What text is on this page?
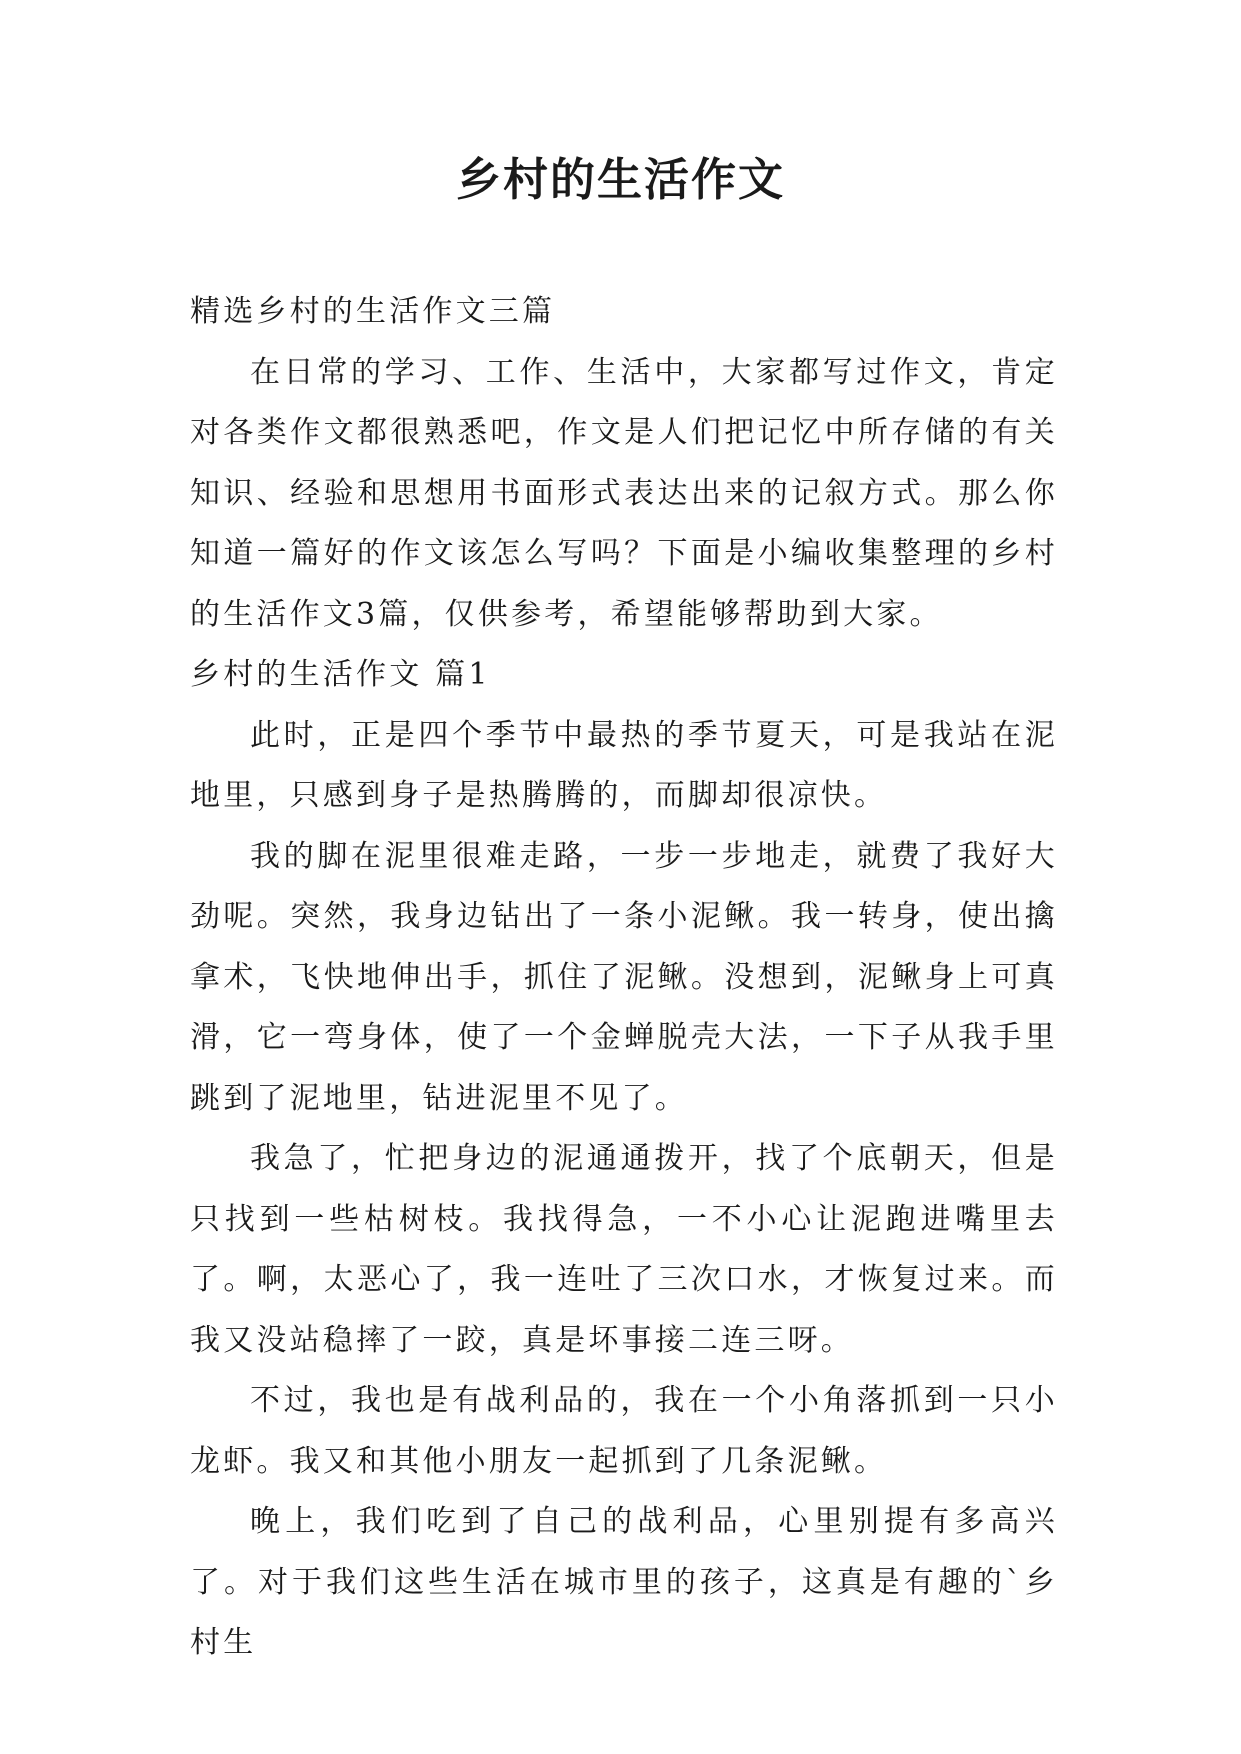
乡村的生活作文

精选乡村的生活作文三篇

在日常的学习、工作、生活中，大家都写过作文，肯定对各类作文都很熟悉吧，作文是人们把记忆中所存储的有关知识、经验和思想用书面形式表达出来的记叙方式。那么你知道一篇好的作文该怎么写吗？下面是小编收集整理的乡村的生活作文3篇，仅供参考，希望能够帮助到大家。

乡村的生活作文 篇1

此时，正是四个季节中最热的季节夏天，可是我站在泥地里，只感到身子是热腾腾的，而脚却很凉快。

我的脚在泥里很难走路，一步一步地走，就费了我好大劲呢。突然，我身边钻出了一条小泥鳅。我一转身，使出擒拿术，飞快地伸出手，抓住了泥鳅。没想到，泥鳅身上可真滑，它一弯身体，使了一个金蝉脱壳大法，一下子从我手里跳到了泥地里，钻进泥里不见了。

我急了，忙把身边的泥通通拨开，找了个底朝天，但是只找到一些枯树枝。我找得急，一不小心让泥跑进嘴里去了。啊，太恶心了，我一连吐了三次口水，才恢复过来。而我又没站稳摔了一跤，真是坏事接二连三呀。

不过，我也是有战利品的，我在一个小角落抓到一只小龙虾。我又和其他小朋友一起抓到了几条泥鳅。

晚上，我们吃到了自己的战利品，心里别提有多高兴了。对于我们这些生活在城市里的孩子，这真是有趣的`乡村生
